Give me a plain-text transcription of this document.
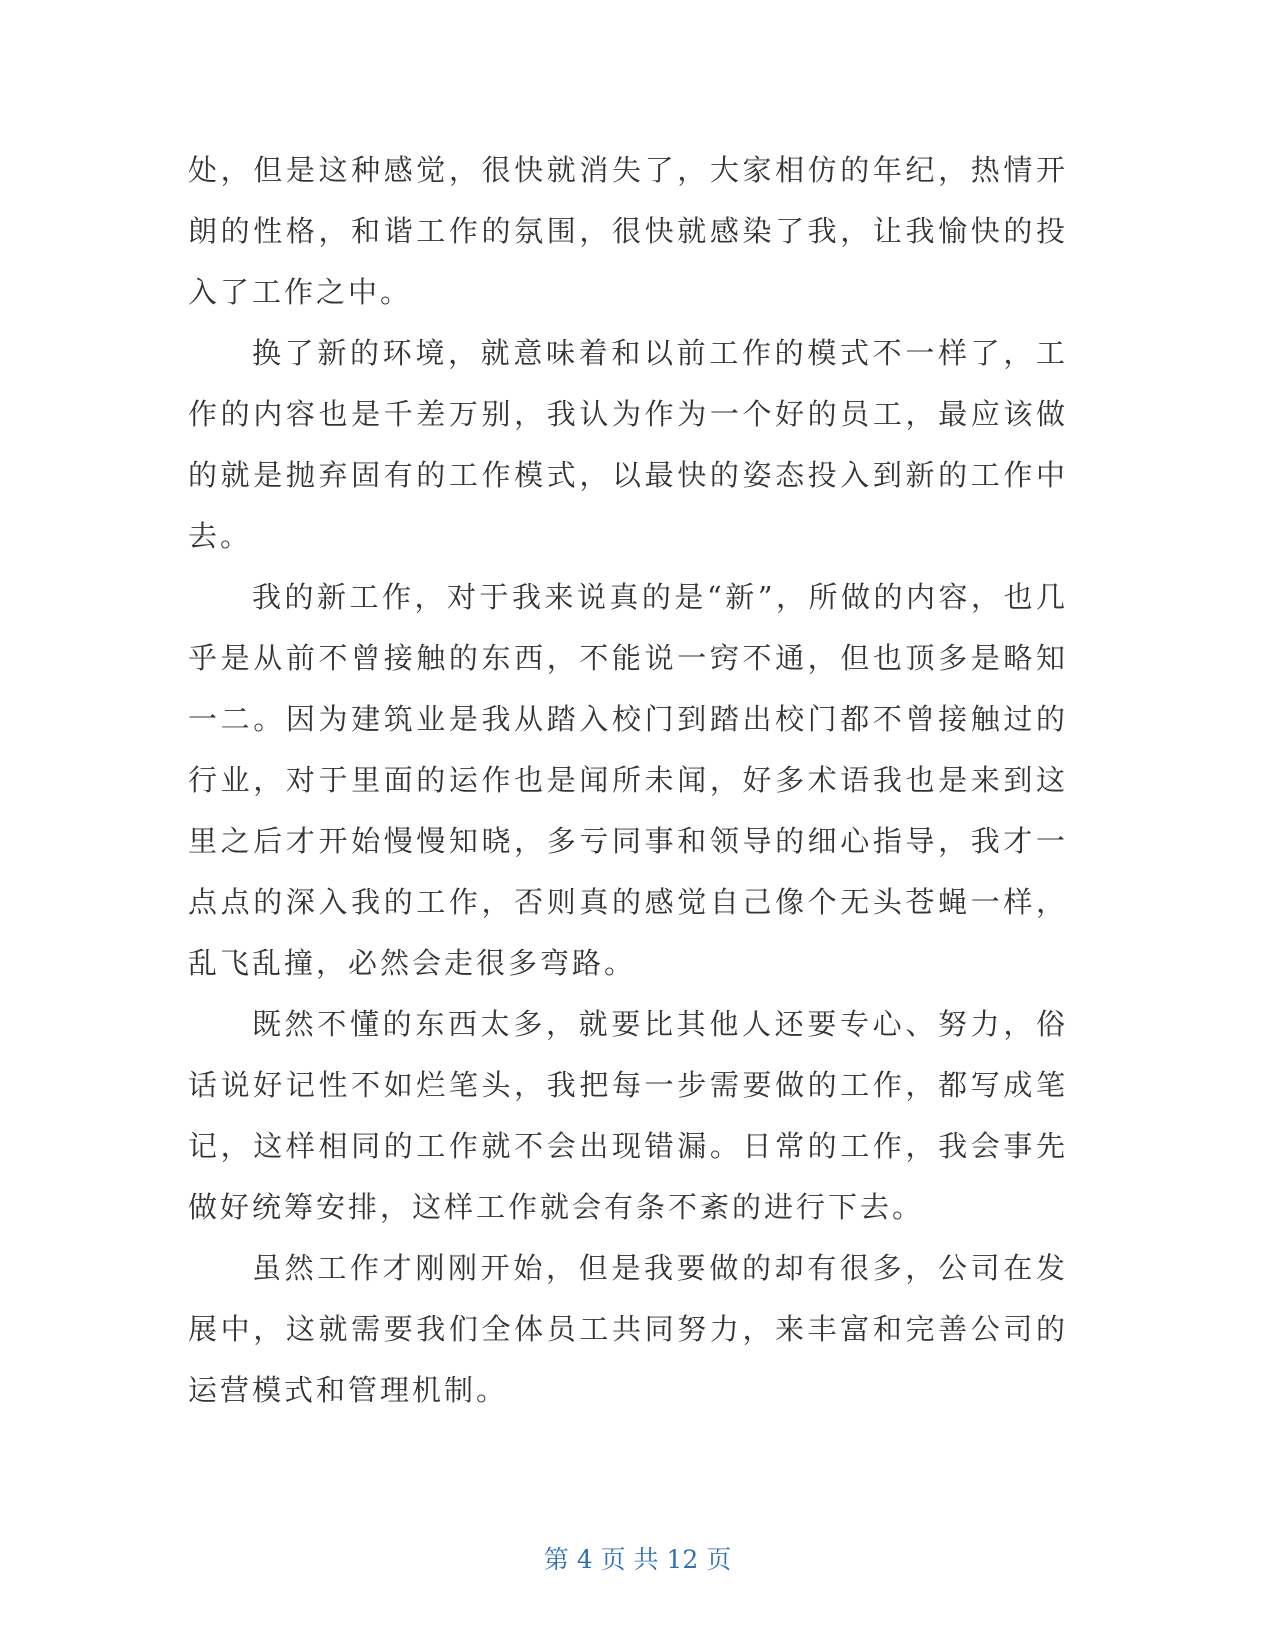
处，但是这种感觉，很快就消失了，大家相仿的年纪，热情开朗的性格，和谐工作的氛围，很快就感染了我，让我愉快的投入了工作之中。

换了新的环境，就意味着和以前工作的模式不一样了，工作的内容也是千差万别，我认为作为一个好的员工，最应该做的就是抛弃固有的工作模式，以最快的姿态投入到新的工作中去。

我的新工作，对于我来说真的是“新”，所做的内容，也几乎是从前不曾接触的东西，不能说一窍不通，但也顶多是略知一二。因为建筑业是我从踏入校门到踏出校门都不曾接触过的行业，对于里面的运作也是闻所未闻，好多术语我也是来到这里之后才开始慢慢知晓，多亏同事和领导的细心指导，我才一点点的深入我的工作，否则真的感觉自己像个无头苍蝇一样，乱飞乱撞，必然会走很多弯路。

既然不懂的东西太多，就要比其他人还要专心、努力，俗话说好记性不如烂笔头，我把每一步需要做的工作，都写成笔记，这样相同的工作就不会出现错漏。日常的工作，我会事先做好统筹安排，这样工作就会有条不紊的进行下去。

虽然工作才刚刚开始，但是我要做的却有很多，公司在发展中，这就需要我们全体员工共同努力，来丰富和完善公司的运营模式和管理机制。

第 4 页 共 12 页
